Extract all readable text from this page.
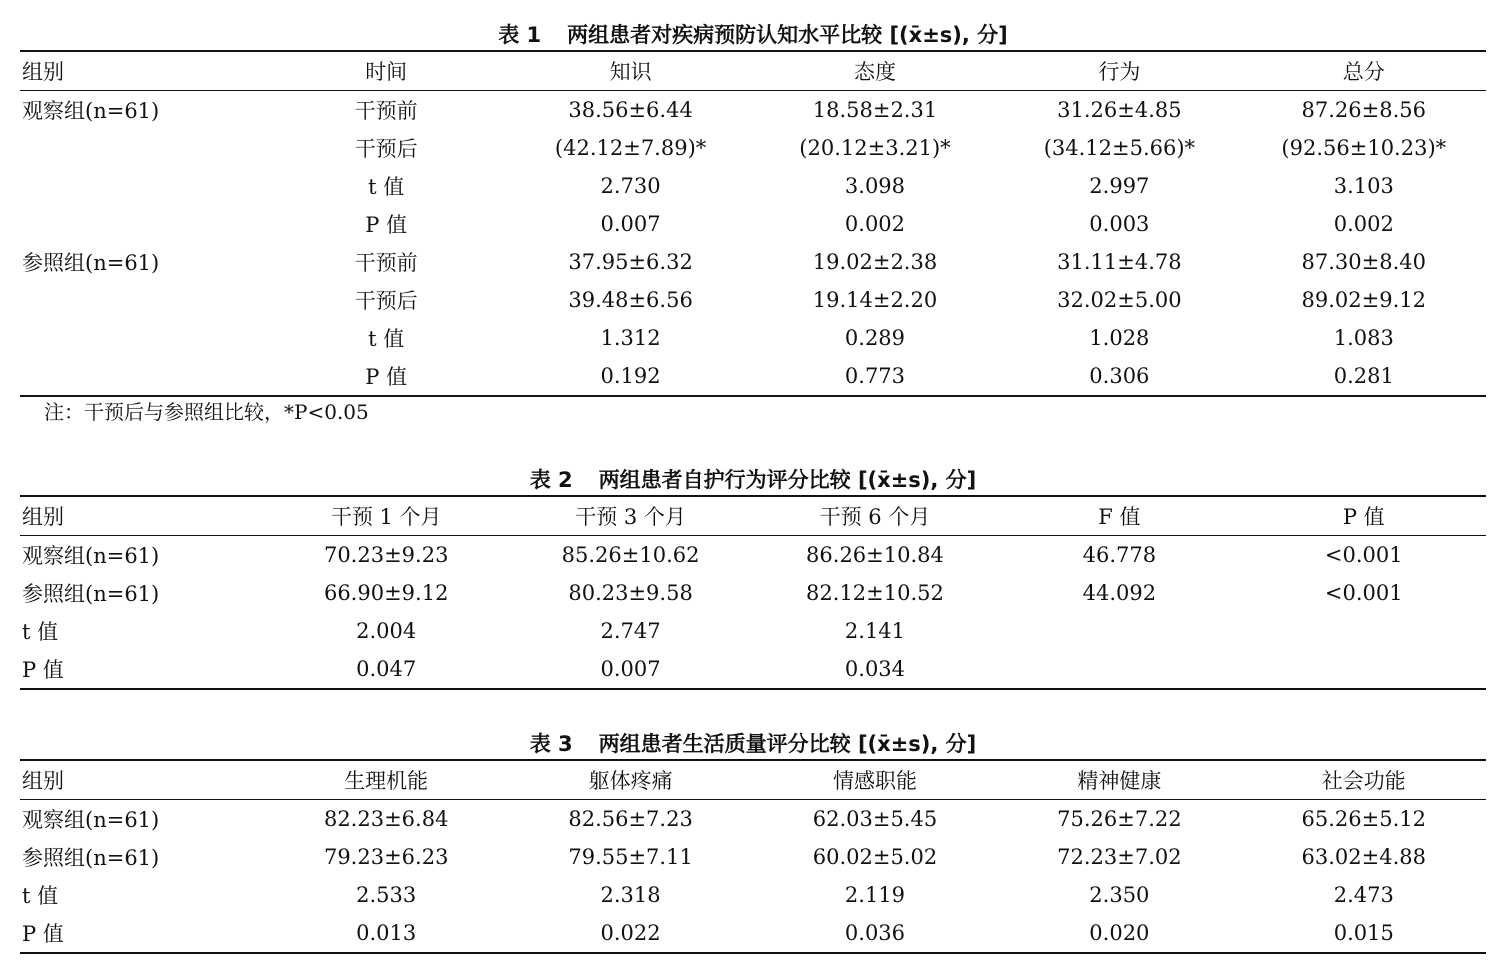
表 1 两组患者对疾病预防认知水平比较 [(x̄±s), 分]
组别	时间	知识	态度	行为	总分
观察组(n=61)	干预前	38.56±6.44	18.58±2.31	31.26±4.85	87.26±8.56
	干预后	(42.12±7.89)*	(20.12±3.21)*	(34.12±5.66)*	(92.56±10.23)*
	t 值	2.730	3.098	2.997	3.103
	P 值	0.007	0.002	0.003	0.002
参照组(n=61)	干预前	37.95±6.32	19.02±2.38	31.11±4.78	87.30±8.40
	干预后	39.48±6.56	19.14±2.20	32.02±5.00	89.02±9.12
	t 值	1.312	0.289	1.028	1.083
	P 值	0.192	0.773	0.306	0.281
注：干预后与参照组比较，*P<0.05
表 2 两组患者自护行为评分比较 [(x̄±s), 分]
组别	干预 1 个月	干预 3 个月	干预 6 个月	F 值	P 值
观察组(n=61)	70.23±9.23	85.26±10.62	86.26±10.84	46.778	<0.001
参照组(n=61)	66.90±9.12	80.23±9.58	82.12±10.52	44.092	<0.001
t 值	2.004	2.747	2.141		
P 值	0.047	0.007	0.034		
表 3 两组患者生活质量评分比较 [(x̄±s), 分]
组别	生理机能	躯体疼痛	情感职能	精神健康	社会功能
观察组(n=61)	82.23±6.84	82.56±7.23	62.03±5.45	75.26±7.22	65.26±5.12
参照组(n=61)	79.23±6.23	79.55±7.11	60.02±5.02	72.23±7.02	63.02±4.88
t 值	2.533	2.318	2.119	2.350	2.473
P 值	0.013	0.022	0.036	0.020	0.015
